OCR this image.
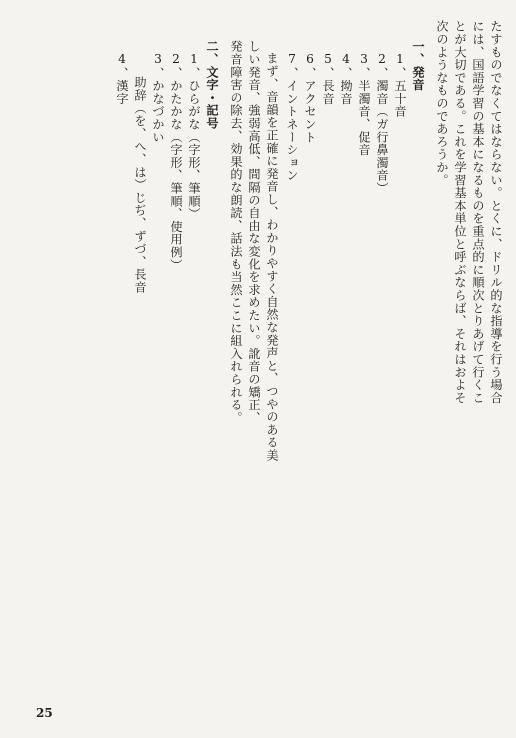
たすものでなくてはならない。とくに、ドリル的な指導を行う場合
には、国語学習の基本になるものを重点的に順次とりあげて行くこ
とが大切である。これを学習基本単位と呼ぶならば、それはおよそ
次のようなものであろうか。
一、発音
1、五十音
2、濁音（ガ行鼻濁音）
3、半濁音、促音
4、拗音
5、長音
6、アクセント
7、イントネーション
まず、音韻を正確に発音し、わかりやすく自然な発声と、つやのある美
しい発音、強弱高低、間隔の自由な変化を求めたい。訛音の矯正、
発音障害の除去、効果的な朗読、話法も当然ここに組入れられる。
二、文字・記号
1、ひらがな（字形、筆順）
2、かたかな（字形、筆順、使用例）
3、かなづかい
助辞（を、へ、は）じぢ、ずづ、長音
4、漢字
25
